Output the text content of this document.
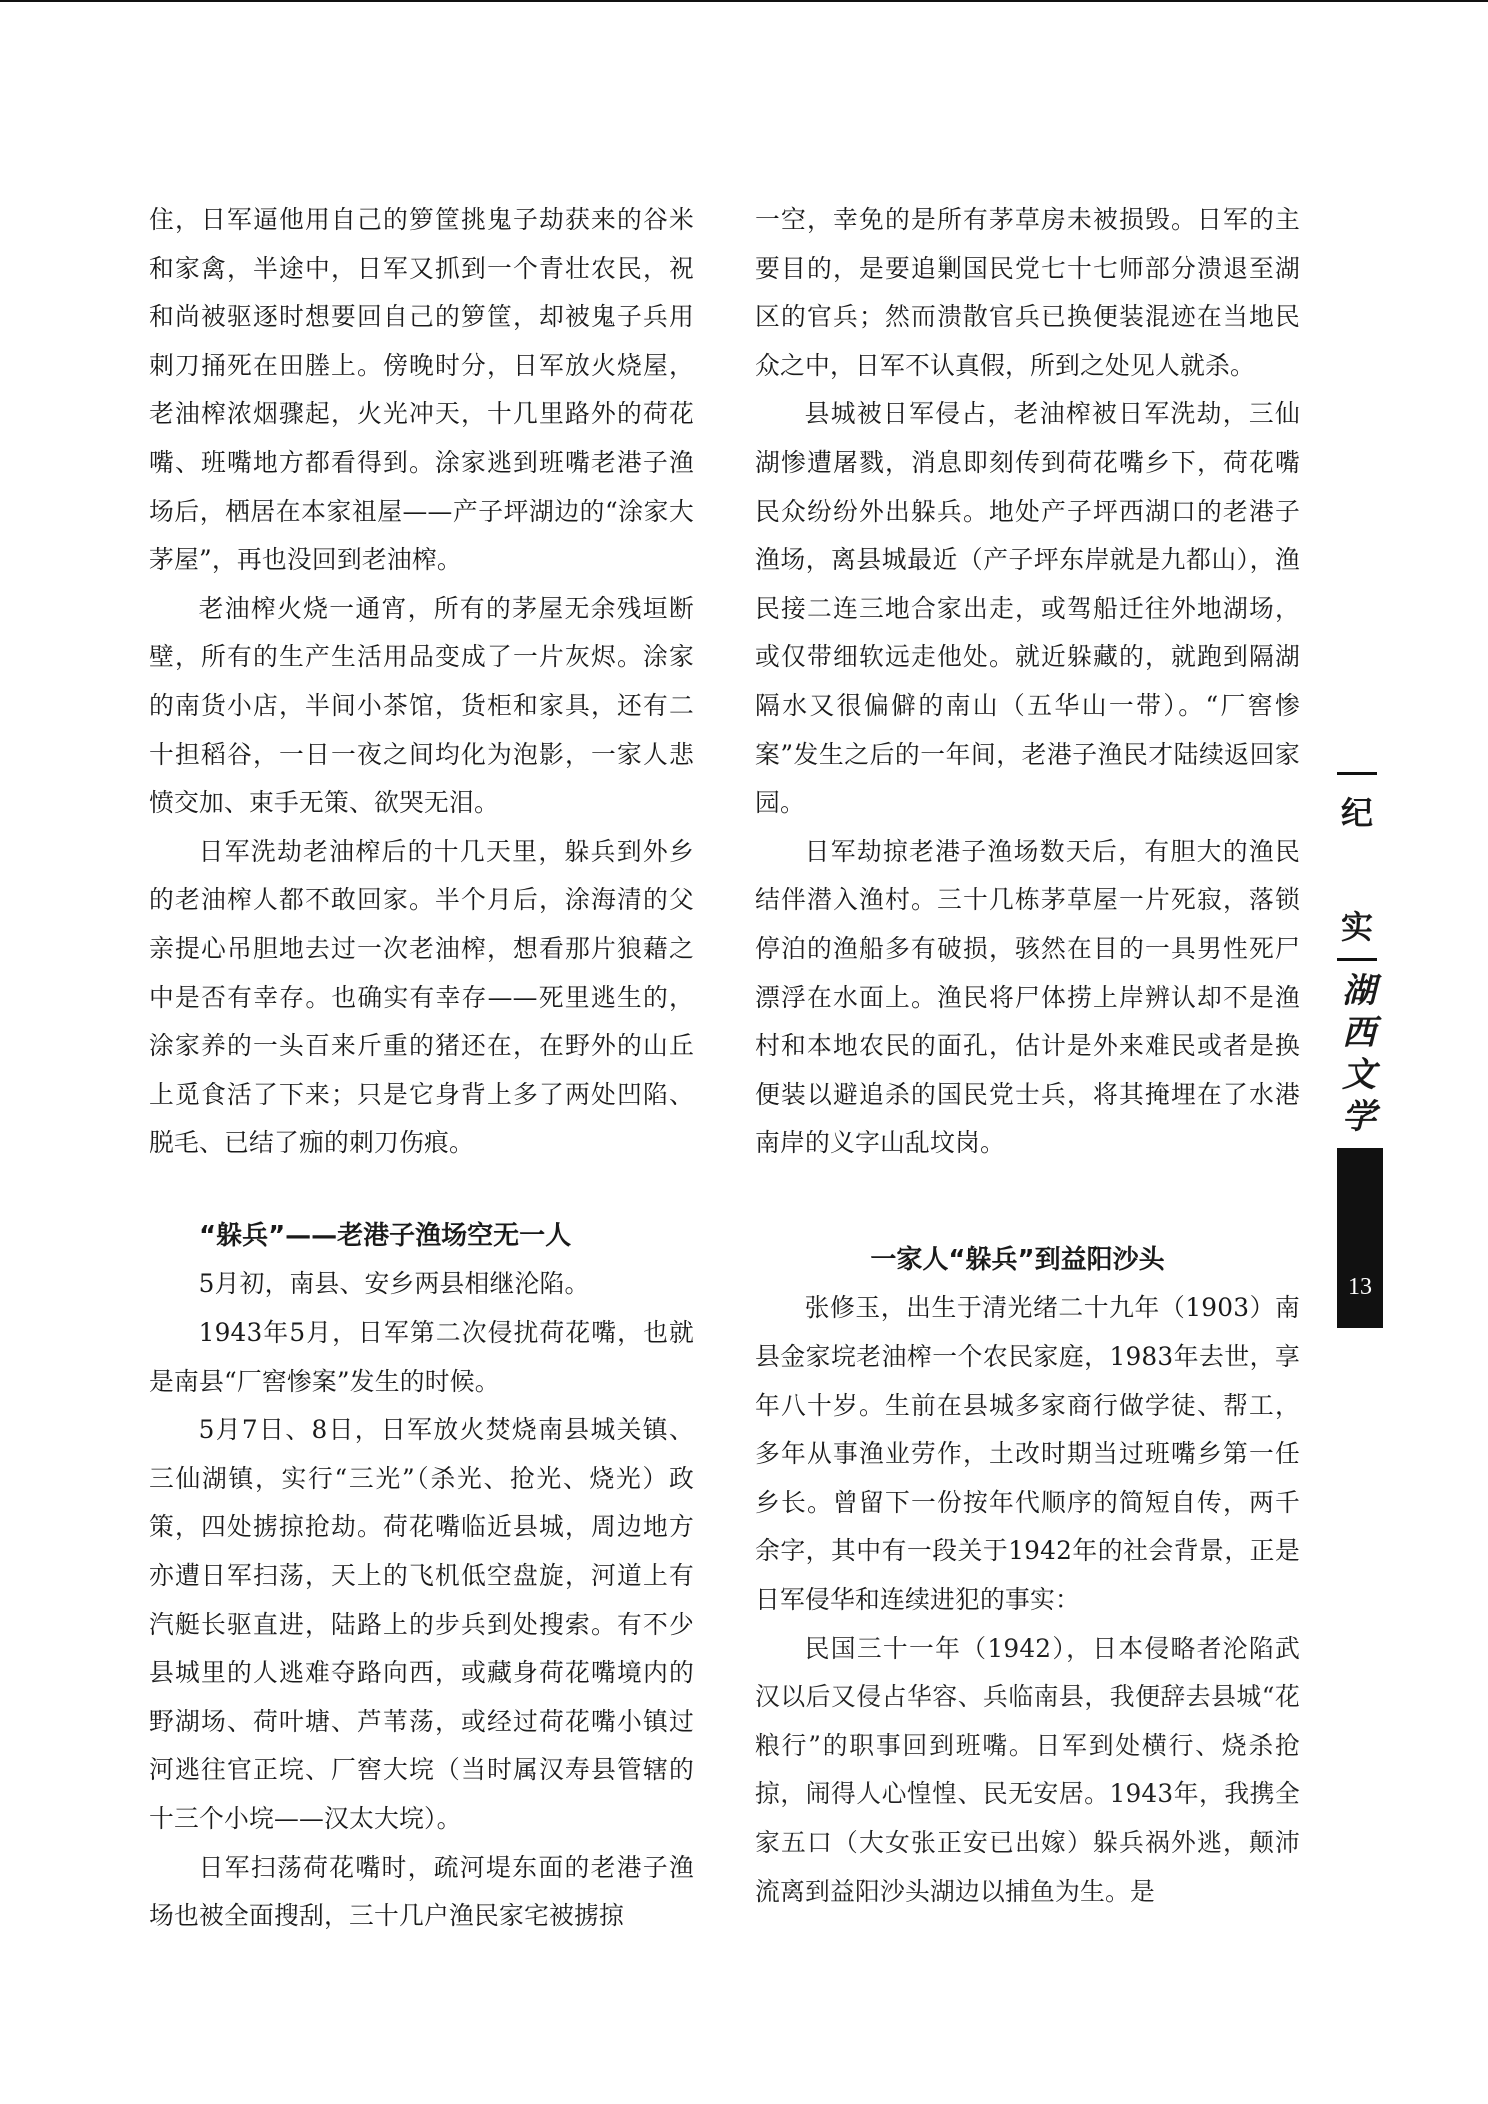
住，日军逼他用自己的箩筐挑鬼子劫获来的谷米和家禽，半途中，日军又抓到一个青壮农民，祝和尚被驱逐时想要回自己的箩筐，却被鬼子兵用刺刀捅死在田塍上。傍晚时分，日军放火烧屋，老油榨浓烟骤起，火光冲天，十几里路外的荷花嘴、班嘴地方都看得到。涂家逃到班嘴老港子渔场后，栖居在本家祖屋——产子坪湖边的“涂家大茅屋”，再也没回到老油榨。

老油榨火烧一通宵，所有的茅屋无余残垣断壁，所有的生产生活用品变成了一片灰烬。涂家的南货小店，半间小茶馆，货柜和家具，还有二十担稻谷，一日一夜之间均化为泡影，一家人悲愤交加、束手无策、欲哭无泪。

日军洗劫老油榨后的十几天里，躲兵到外乡的老油榨人都不敢回家。半个月后，涂海清的父亲提心吊胆地去过一次老油榨，想看那片狼藉之中是否有幸存。也确实有幸存——死里逃生的，涂家养的一头百来斤重的猪还在，在野外的山丘上觅食活了下来；只是它身背上多了两处凹陷、脱毛、已结了痂的刺刀伤痕。

“躲兵”——老港子渔场空无一人

5月初，南县、安乡两县相继沦陷。

1943年5月，日军第二次侵扰荷花嘴，也就是南县“厂窖惨案”发生的时候。

5月7日、8日，日军放火焚烧南县城关镇、三仙湖镇，实行“三光”（杀光、抢光、烧光）政策，四处掳掠抢劫。荷花嘴临近县城，周边地方亦遭日军扫荡，天上的飞机低空盘旋，河道上有汽艇长驱直进，陆路上的步兵到处搜索。有不少县城里的人逃难夺路向西，或藏身荷花嘴境内的野湖场、荷叶塘、芦苇荡，或经过荷花嘴小镇过河逃往官正垸、厂窖大垸（当时属汉寿县管辖的十三个小垸——汉太大垸）。

日军扫荡荷花嘴时，疏河堤东面的老港子渔场也被全面搜刮，三十几户渔民家宅被掳掠

一空，幸免的是所有茅草房未被损毁。日军的主要目的，是要追剿国民党七十七师部分溃退至湖区的官兵；然而溃散官兵已换便装混迹在当地民众之中，日军不认真假，所到之处见人就杀。

县城被日军侵占，老油榨被日军洗劫，三仙湖惨遭屠戮，消息即刻传到荷花嘴乡下，荷花嘴民众纷纷外出躲兵。地处产子坪西湖口的老港子渔场，离县城最近（产子坪东岸就是九都山），渔民接二连三地合家出走，或驾船迁往外地湖场，或仅带细软远走他处。就近躲藏的，就跑到隔湖隔水又很偏僻的南山（五华山一带）。“厂窖惨案”发生之后的一年间，老港子渔民才陆续返回家园。

日军劫掠老港子渔场数天后，有胆大的渔民结伴潜入渔村。三十几栋茅草屋一片死寂，落锁停泊的渔船多有破损，骇然在目的一具男性死尸漂浮在水面上。渔民将尸体捞上岸辨认却不是渔村和本地农民的面孔，估计是外来难民或者是换便装以避追杀的国民党士兵，将其掩埋在了水港南岸的义字山乱坟岗。

一家人“躲兵”到益阳沙头

张修玉，出生于清光绪二十九年（1903）南县金家垸老油榨一个农民家庭，1983年去世，享年八十岁。生前在县城多家商行做学徒、帮工，多年从事渔业劳作，土改时期当过班嘴乡第一任乡长。曾留下一份按年代顺序的简短自传，两千余字，其中有一段关于1942年的社会背景，正是日军侵华和连续进犯的事实：

民国三十一年（1942），日本侵略者沦陷武汉以后又侵占华容、兵临南县，我便辞去县城“花粮行”的职事回到班嘴。日军到处横行、烧杀抢掠，闹得人心惶惶、民无安居。1943年，我携全家五口（大女张正安已出嫁）躲兵祸外逃，颠沛流离到益阳沙头湖边以捕鱼为生。是

纪
实
湖
西
文
学
13
